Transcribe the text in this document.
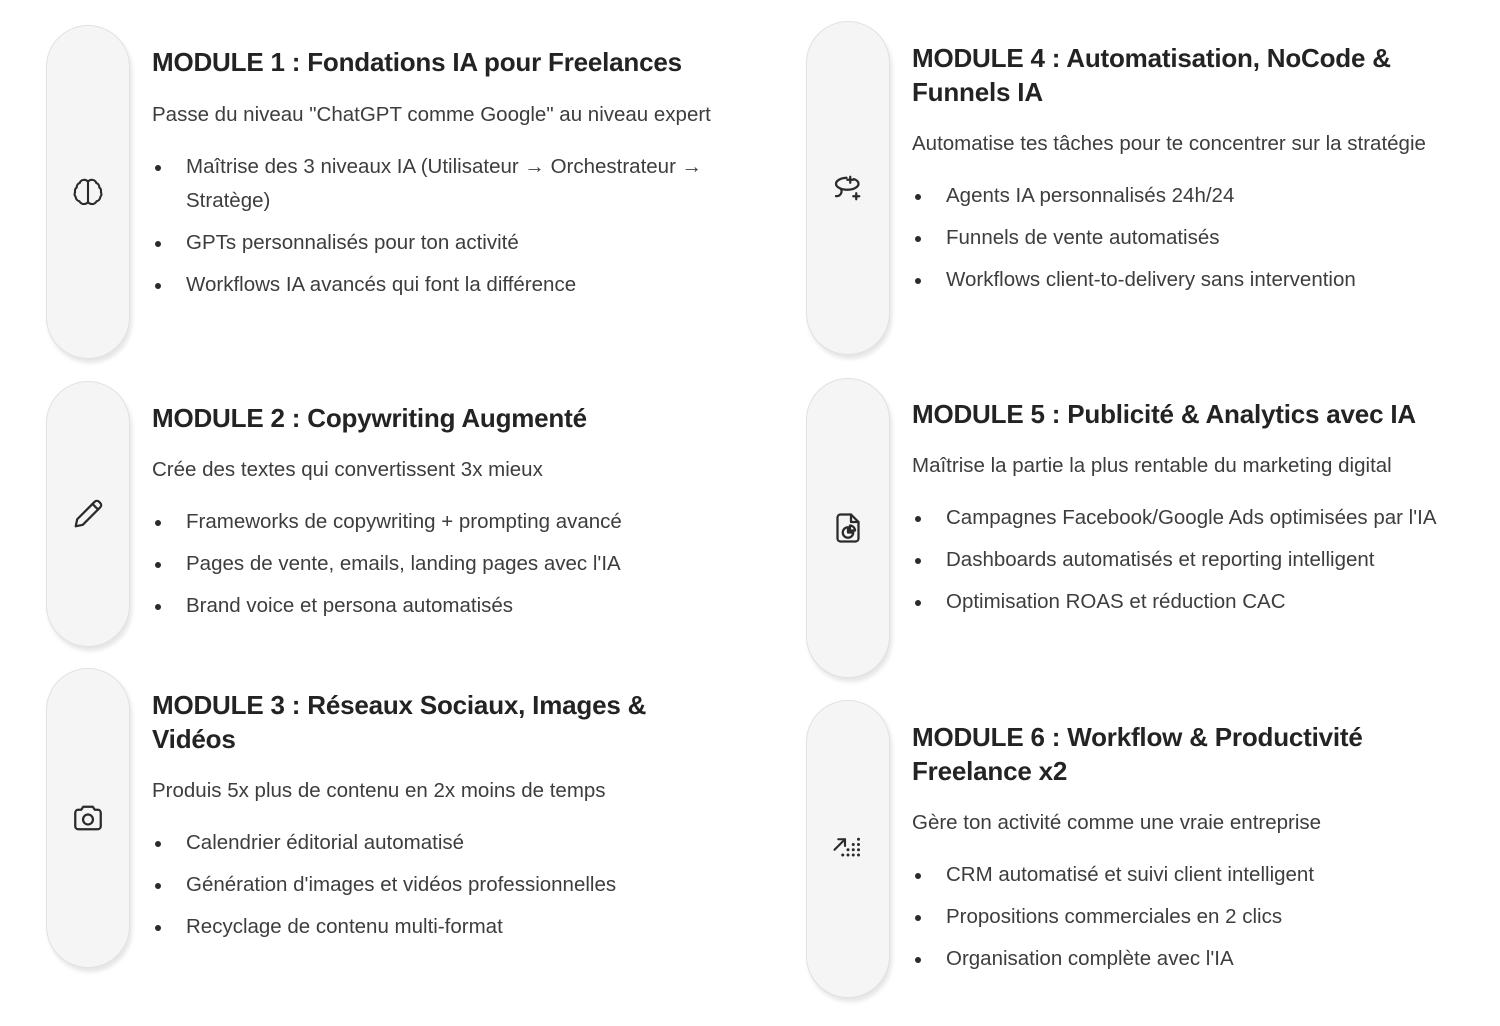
MODULE 1 : Fondations IA pour Freelances

Passe du niveau "ChatGPT comme Google" au niveau expert

Maîtrise des 3 niveaux IA (Utilisateur → Orchestrateur → Stratège)
GPTs personnalisés pour ton activité
Workflows IA avancés qui font la différence
MODULE 2 : Copywriting Augmenté

Crée des textes qui convertissent 3x mieux

Frameworks de copywriting + prompting avancé
Pages de vente, emails, landing pages avec l'IA
Brand voice et persona automatisés
MODULE 3 : Réseaux Sociaux, Images & Vidéos

Produis 5x plus de contenu en 2x moins de temps

Calendrier éditorial automatisé
Génération d'images et vidéos professionnelles
Recyclage de contenu multi-format
MODULE 4 : Automatisation, NoCode & Funnels IA

Automatise tes tâches pour te concentrer sur la stratégie

Agents IA personnalisés 24h/24
Funnels de vente automatisés
Workflows client-to-delivery sans intervention
MODULE 5 : Publicité & Analytics avec IA

Maîtrise la partie la plus rentable du marketing digital

Campagnes Facebook/Google Ads optimisées par l'IA
Dashboards automatisés et reporting intelligent
Optimisation ROAS et réduction CAC
MODULE 6 : Workflow & Productivité Freelance x2

Gère ton activité comme une vraie entreprise

CRM automatisé et suivi client intelligent
Propositions commerciales en 2 clics
Organisation complète avec l'IA
